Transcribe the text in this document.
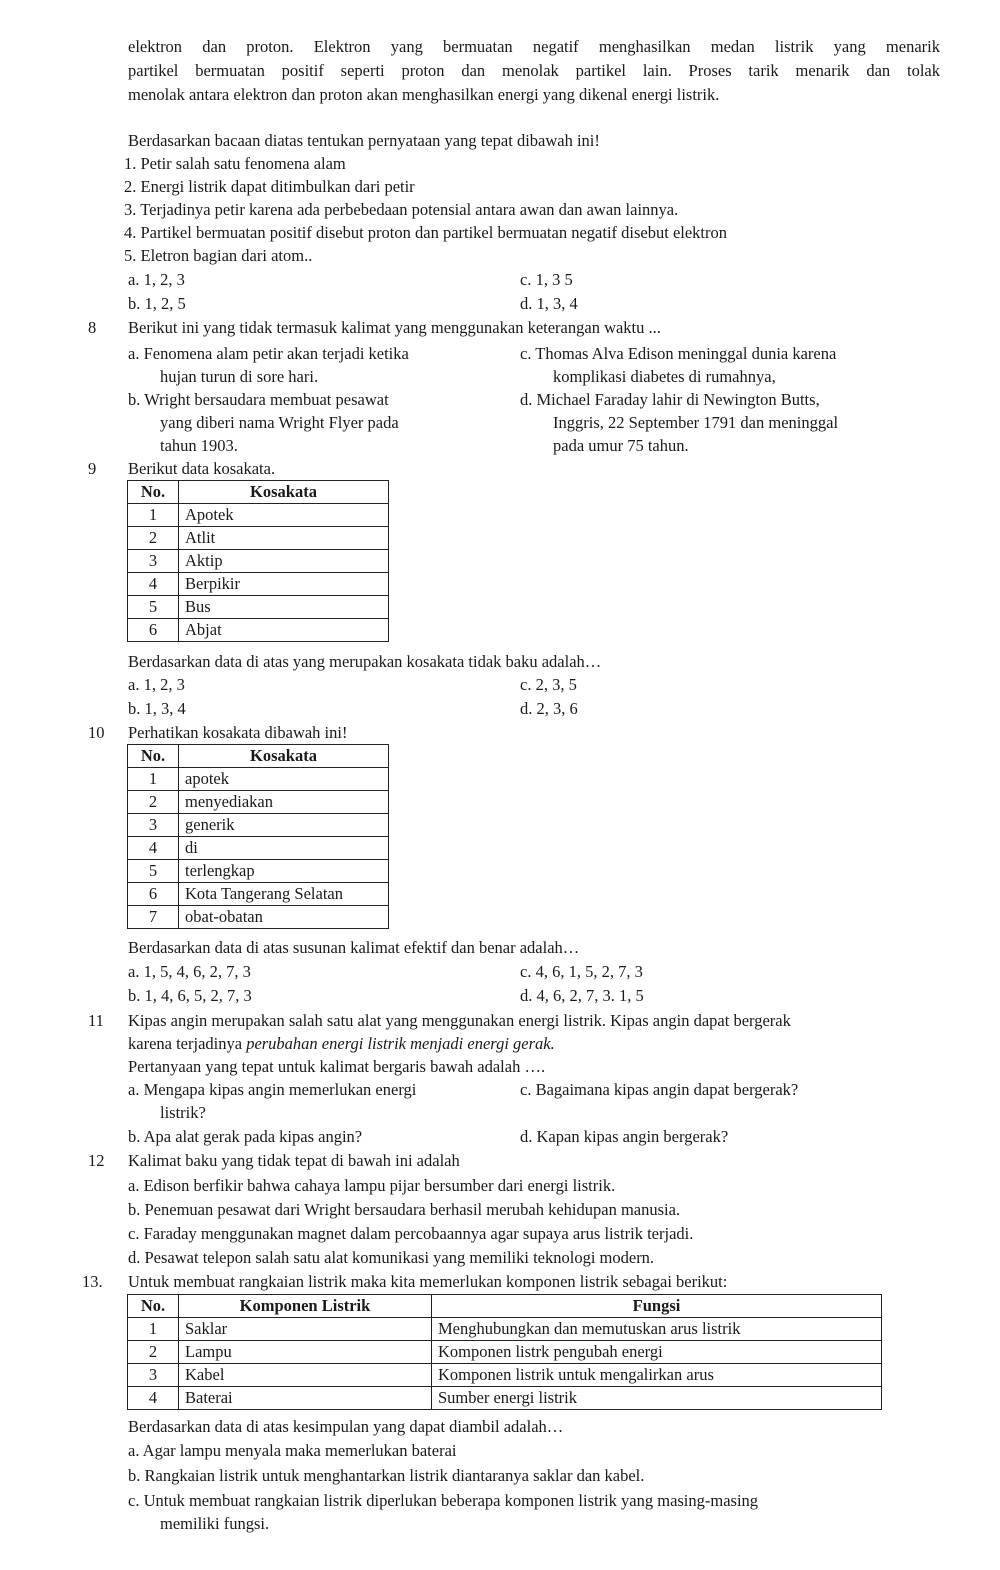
elektron dan proton. Elektron yang bermuatan negatif menghasilkan medan listrik yang menarik
partikel bermuatan positif seperti proton dan menolak partikel lain. Proses tarik menarik dan tolak
menolak antara elektron dan proton akan menghasilkan energi yang dikenal energi listrik.
Berdasarkan bacaan diatas tentukan pernyataan yang tepat dibawah ini!
1. Petir salah satu fenomena alam
2. Energi listrik dapat ditimbulkan dari petir
3. Terjadinya petir karena ada perbebedaan potensial antara awan dan awan lainnya.
4. Partikel bermuatan positif disebut proton dan partikel bermuatan negatif disebut elektron
5. Eletron bagian dari atom..
a. 1, 2, 3	c. 1, 3 5
b. 1, 2, 5	d. 1, 3, 4
8 Berikut ini yang tidak termasuk kalimat yang menggunakan keterangan waktu ...
a. Fenomena alam petir akan terjadi ketika
hujan turun di sore hari.
b. Wright bersaudara membuat pesawat
yang diberi nama Wright Flyer pada
tahun 1903.
c. Thomas Alva Edison meninggal dunia karena
komplikasi diabetes di rumahnya,
d. Michael Faraday lahir di Newington Butts,
Inggris, 22 September 1791 dan meninggal
pada umur 75 tahun.
9 Berikut data kosakata.
No.	Kosakata
1	Apotek
2	Atlit
3	Aktip
4	Berpikir
5	Bus
6	Abjat
Berdasarkan data di atas yang merupakan kosakata tidak baku adalah…
a. 1, 2, 3	c. 2, 3, 5
b. 1, 3, 4	d. 2, 3, 6
10 Perhatikan kosakata dibawah ini!
No.	Kosakata
1	apotek
2	menyediakan
3	generik
4	di
5	terlengkap
6	Kota Tangerang Selatan
7	obat-obatan
Berdasarkan data di atas susunan kalimat efektif dan benar adalah…
a. 1, 5, 4, 6, 2, 7, 3	c. 4, 6, 1, 5, 2, 7, 3
b. 1, 4, 6, 5, 2, 7, 3	d. 4, 6, 2, 7, 3. 1, 5
11 Kipas angin merupakan salah satu alat yang menggunakan energi listrik. Kipas angin dapat bergerak
karena terjadinya perubahan energi listrik menjadi energi gerak.
Pertanyaan yang tepat untuk kalimat bergaris bawah adalah ….
a. Mengapa kipas angin memerlukan energi
listrik?
c. Bagaimana kipas angin dapat bergerak?
b. Apa alat gerak pada kipas angin?	d. Kapan kipas angin bergerak?
12 Kalimat baku yang tidak tepat di bawah ini adalah
a. Edison berfikir bahwa cahaya lampu pijar bersumber dari energi listrik.
b. Penemuan pesawat dari Wright bersaudara berhasil merubah kehidupan manusia.
c. Faraday menggunakan magnet dalam percobaannya agar supaya arus listrik terjadi.
d. Pesawat telepon salah satu alat komunikasi yang memiliki teknologi modern.
13. Untuk membuat rangkaian listrik maka kita memerlukan komponen listrik sebagai berikut:
No.	Komponen Listrik	Fungsi
1	Saklar	Menghubungkan dan memutuskan arus listrik
2	Lampu	Komponen listrk pengubah energi
3	Kabel	Komponen listrik untuk mengalirkan arus
4	Baterai	Sumber energi listrik
Berdasarkan data di atas kesimpulan yang dapat diambil adalah…
a. Agar lampu menyala maka memerlukan baterai
b. Rangkaian listrik untuk menghantarkan listrik diantaranya saklar dan kabel.
c. Untuk membuat rangkaian listrik diperlukan beberapa komponen listrik yang masing-masing
memiliki fungsi.
